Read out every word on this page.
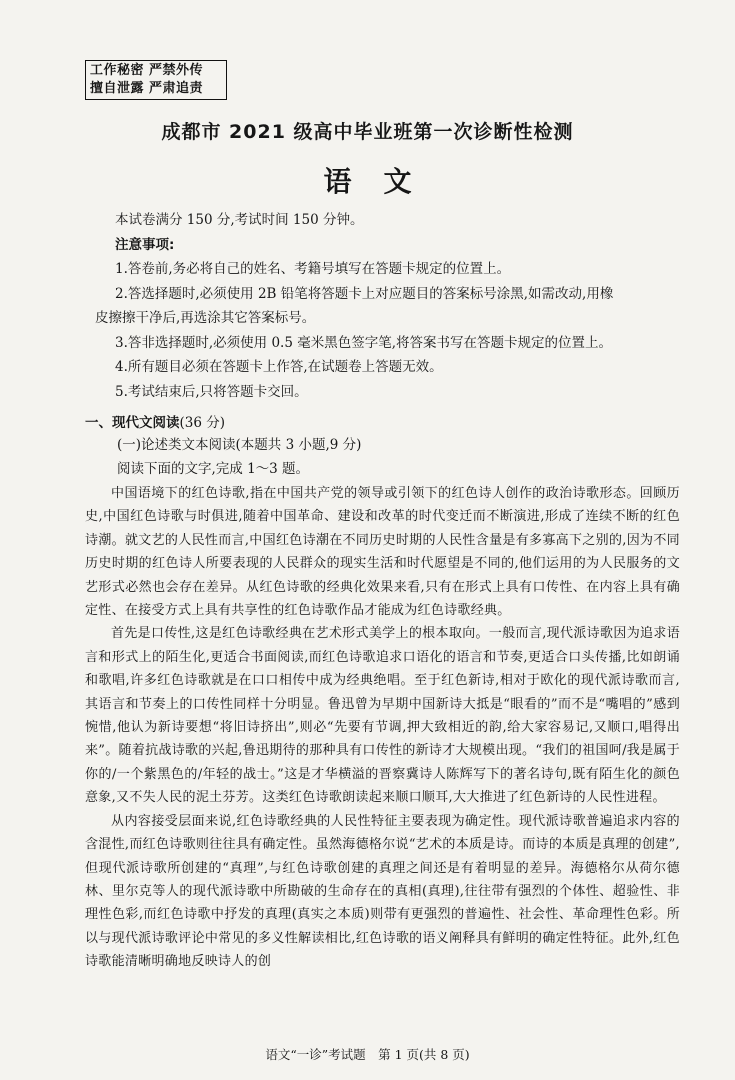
工作秘密 严禁外传
擅自泄露 严肃追责
成都市 2021 级高中毕业班第一次诊断性检测
语 文
本试卷满分 150 分,考试时间 150 分钟。
注意事项:
1.答卷前,务必将自己的姓名、考籍号填写在答题卡规定的位置上。
2.答选择题时,必须使用 2B 铅笔将答题卡上对应题目的答案标号涂黑,如需改动,用橡
皮擦擦干净后,再选涂其它答案标号。
3.答非选择题时,必须使用 0.5 毫米黑色签字笔,将答案书写在答题卡规定的位置上。
4.所有题目必须在答题卡上作答,在试题卷上答题无效。
5.考试结束后,只将答题卡交回。
一、现代文阅读(36 分)
(一)论述类文本阅读(本题共 3 小题,9 分)
阅读下面的文字,完成 1～3 题。

中国语境下的红色诗歌,指在中国共产党的领导或引领下的红色诗人创作的政治诗歌形态。回顾历史,中国红色诗歌与时俱进,随着中国革命、建设和改革的时代变迁而不断演进,形成了连续不断的红色诗潮。就文艺的人民性而言,中国红色诗潮在不同历史时期的人民性含量是有多寡高下之别的,因为不同历史时期的红色诗人所要表现的人民群众的现实生活和时代愿望是不同的,他们运用的为人民服务的文艺形式必然也会存在差异。从红色诗歌的经典化效果来看,只有在形式上具有口传性、在内容上具有确定性、在接受方式上具有共享性的红色诗歌作品才能成为红色诗歌经典。

首先是口传性,这是红色诗歌经典在艺术形式美学上的根本取向。一般而言,现代派诗歌因为追求语言和形式上的陌生化,更适合书面阅读,而红色诗歌追求口语化的语言和节奏,更适合口头传播,比如朗诵和歌唱,许多红色诗歌就是在口口相传中成为经典绝唱。至于红色新诗,相对于欧化的现代派诗歌而言,其语言和节奏上的口传性同样十分明显。鲁迅曾为早期中国新诗大抵是“眼看的”而不是“嘴唱的”感到惋惜,他认为新诗要想“将旧诗挤出”,则必“先要有节调,押大致相近的韵,给大家容易记,又顺口,唱得出来”。随着抗战诗歌的兴起,鲁迅期待的那种具有口传性的新诗才大规模出现。“我们的祖国呵/我是属于你的/一个紫黑色的/年轻的战士。”这是才华横溢的晋察冀诗人陈辉写下的著名诗句,既有陌生化的颜色意象,又不失人民的泥土芬芳。这类红色诗歌朗读起来顺口顺耳,大大推进了红色新诗的人民性进程。

从内容接受层面来说,红色诗歌经典的人民性特征主要表现为确定性。现代派诗歌普遍追求内容的含混性,而红色诗歌则往往具有确定性。虽然海德格尔说“艺术的本质是诗。而诗的本质是真理的创建”,但现代派诗歌所创建的“真理”,与红色诗歌创建的真理之间还是有着明显的差异。海德格尔从荷尔德林、里尔克等人的现代派诗歌中所勘破的生命存在的真相(真理),往往带有强烈的个体性、超验性、非理性色彩,而红色诗歌中抒发的真理(真实之本质)则带有更强烈的普遍性、社会性、革命理性色彩。所以与现代派诗歌评论中常见的多义性解读相比,红色诗歌的语义阐释具有鲜明的确定性特征。此外,红色诗歌能清晰明确地反映诗人的创

语文“一诊”考试题　第 1 页(共 8 页)
